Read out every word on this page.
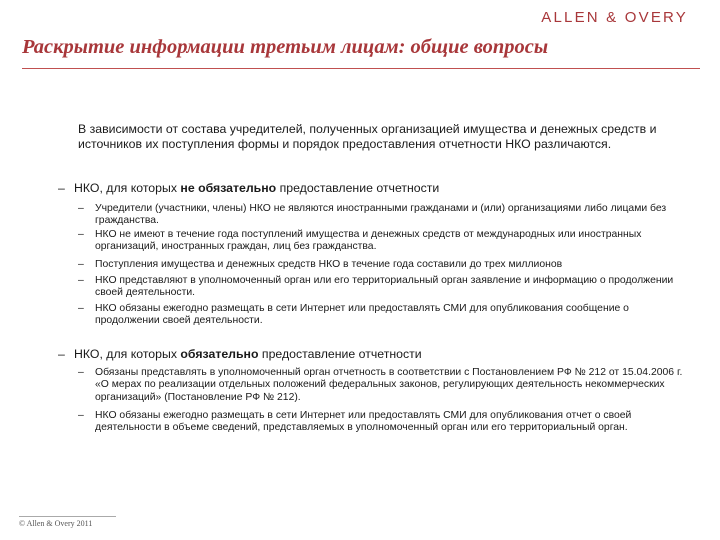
ALLEN & OVERY
Раскрытие информации третьим лицам: общие вопросы
В зависимости от состава учредителей, полученных организацией имущества и денежных средств и источников их поступления формы и порядок предоставления отчетности НКО различаются.
– НКО, для которых не обязательно предоставление отчетности
–	Учредители (участники, члены) НКО не являются иностранными гражданами и (или) организациями либо лицами без гражданства.
–	НКО не имеют в течение года поступлений имущества и денежных средств от международных или иностранных организаций, иностранных граждан, лиц без гражданства.
–	Поступления имущества и денежных средств НКО в течение года составили до трех миллионов
–	НКО представляют в уполномоченный орган или его территориальный орган заявление и информацию о продолжении своей деятельности.
–	НКО обязаны ежегодно размещать в сети Интернет или предоставлять СМИ для опубликования сообщение о продолжении своей деятельности.
– НКО, для которых обязательно предоставление отчетности
–	Обязаны представлять в уполномоченный орган отчетность в соответствии с Постановлением РФ № 212 от 15.04.2006 г. «О мерах по реализации отдельных положений федеральных законов, регулирующих деятельность некоммерческих организаций» (Постановление РФ № 212).
–	НКО обязаны ежегодно размещать в сети Интернет или предоставлять СМИ для опубликования отчет о своей деятельности в объеме сведений, представляемых в уполномоченный орган или его территориальный орган.
© Allen & Overy 2011
